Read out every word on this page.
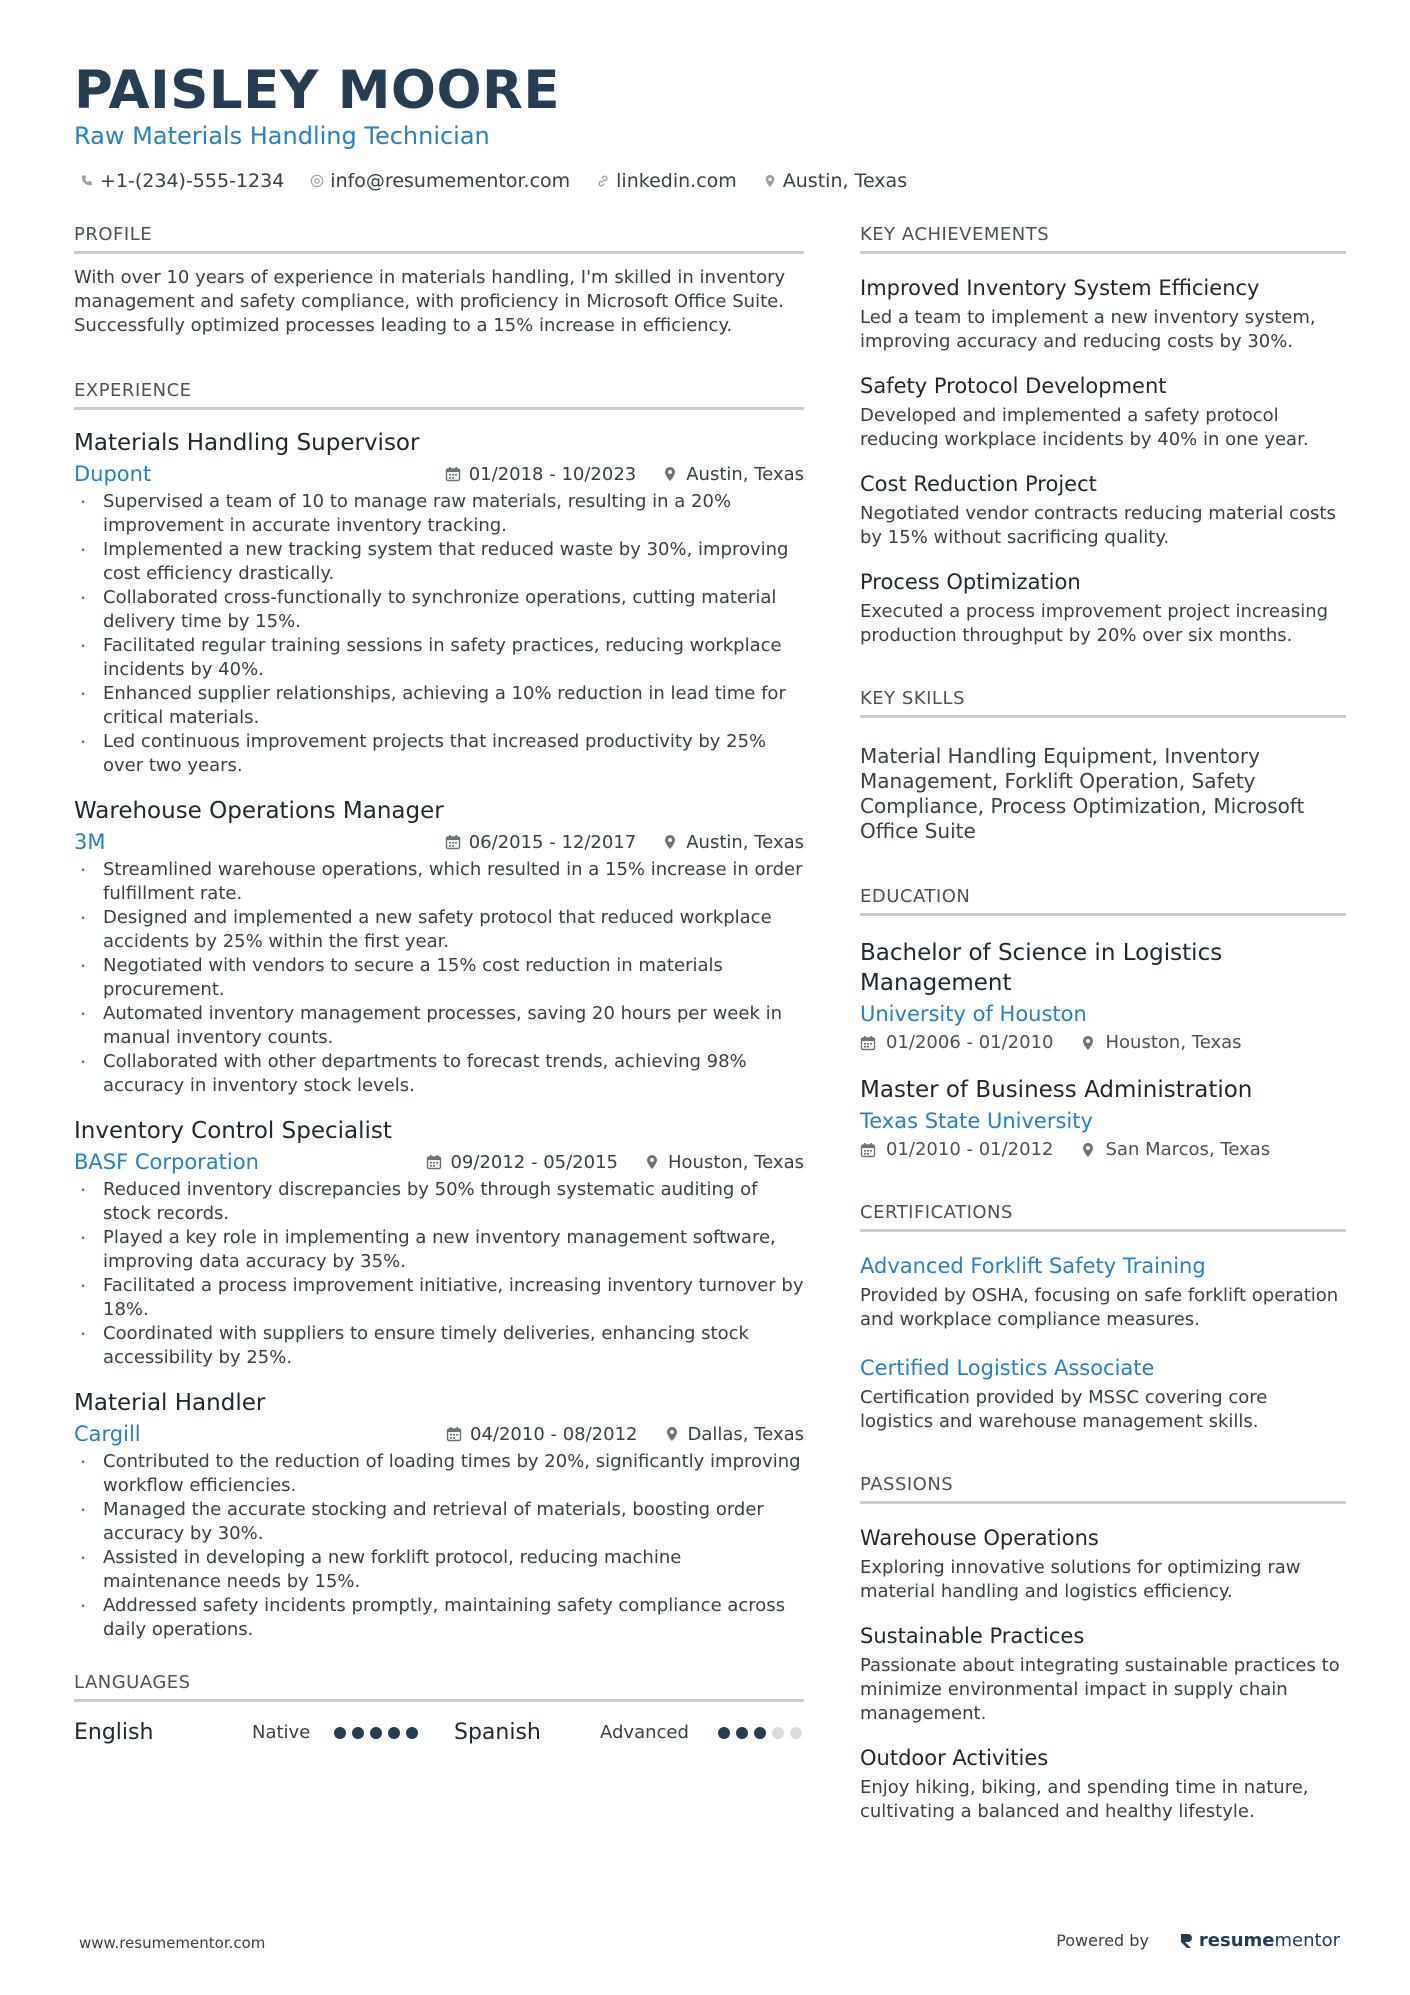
PAISLEY MOORE
Raw Materials Handling Technician
+1-(234)-555-1234 info@resumementor.com linkedin.com Austin, Texas
PROFILE
With over 10 years of experience in materials handling, I'm skilled in inventory management and safety compliance, with proficiency in Microsoft Office Suite. Successfully optimized processes leading to a 15% increase in efficiency.
EXPERIENCE
Materials Handling Supervisor
Dupont	01/2018 - 10/2023	Austin, Texas
· Supervised a team of 10 to manage raw materials, resulting in a 20% improvement in accurate inventory tracking.
· Implemented a new tracking system that reduced waste by 30%, improving cost efficiency drastically.
· Collaborated cross-functionally to synchronize operations, cutting material delivery time by 15%.
· Facilitated regular training sessions in safety practices, reducing workplace incidents by 40%.
· Enhanced supplier relationships, achieving a 10% reduction in lead time for critical materials.
· Led continuous improvement projects that increased productivity by 25% over two years.
Warehouse Operations Manager
3M	06/2015 - 12/2017	Austin, Texas
· Streamlined warehouse operations, which resulted in a 15% increase in order fulfillment rate.
· Designed and implemented a new safety protocol that reduced workplace accidents by 25% within the first year.
· Negotiated with vendors to secure a 15% cost reduction in materials procurement.
· Automated inventory management processes, saving 20 hours per week in manual inventory counts.
· Collaborated with other departments to forecast trends, achieving 98% accuracy in inventory stock levels.
Inventory Control Specialist
BASF Corporation	09/2012 - 05/2015	Houston, Texas
· Reduced inventory discrepancies by 50% through systematic auditing of stock records.
· Played a key role in implementing a new inventory management software, improving data accuracy by 35%.
· Facilitated a process improvement initiative, increasing inventory turnover by 18%.
· Coordinated with suppliers to ensure timely deliveries, enhancing stock accessibility by 25%.
Material Handler
Cargill	04/2010 - 08/2012	Dallas, Texas
· Contributed to the reduction of loading times by 20%, significantly improving workflow efficiencies.
· Managed the accurate stocking and retrieval of materials, boosting order accuracy by 30%.
· Assisted in developing a new forklift protocol, reducing machine maintenance needs by 15%.
· Addressed safety incidents promptly, maintaining safety compliance across daily operations.
LANGUAGES
English	Native	Spanish	Advanced
KEY ACHIEVEMENTS
Improved Inventory System Efficiency
Led a team to implement a new inventory system, improving accuracy and reducing costs by 30%.
Safety Protocol Development
Developed and implemented a safety protocol reducing workplace incidents by 40% in one year.
Cost Reduction Project
Negotiated vendor contracts reducing material costs by 15% without sacrificing quality.
Process Optimization
Executed a process improvement project increasing production throughput by 20% over six months.
KEY SKILLS
Material Handling Equipment, Inventory Management, Forklift Operation, Safety Compliance, Process Optimization, Microsoft Office Suite
EDUCATION
Bachelor of Science in Logistics Management
University of Houston
01/2006 - 01/2010	Houston, Texas
Master of Business Administration
Texas State University
01/2010 - 01/2012	San Marcos, Texas
CERTIFICATIONS
Advanced Forklift Safety Training
Provided by OSHA, focusing on safe forklift operation and workplace compliance measures.
Certified Logistics Associate
Certification provided by MSSC covering core logistics and warehouse management skills.
PASSIONS
Warehouse Operations
Exploring innovative solutions for optimizing raw material handling and logistics efficiency.
Sustainable Practices
Passionate about integrating sustainable practices to minimize environmental impact in supply chain management.
Outdoor Activities
Enjoy hiking, biking, and spending time in nature, cultivating a balanced and healthy lifestyle.
www.resumementor.com	Powered by	resume mentor
